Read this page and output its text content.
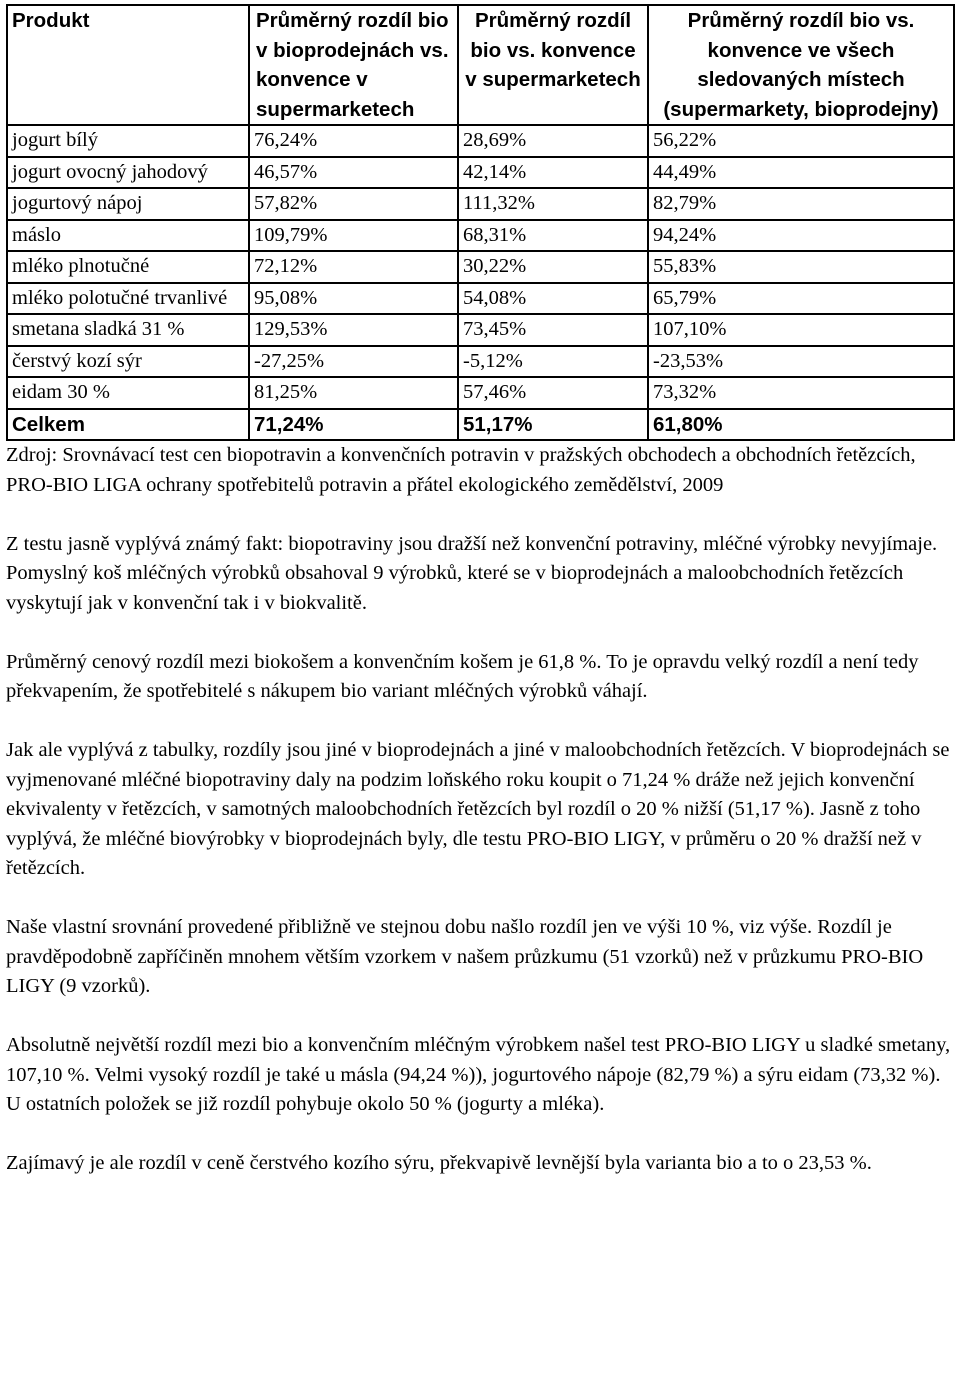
Produkt	Průměrný rozdíl bio v bioprodejnách vs. konvence v supermarketech	Průměrný rozdíl bio vs. konvence v supermarketech	Průměrný rozdíl bio vs. konvence ve všech sledovaných místech (supermarkety, bioprodejny)
jogurt bílý	76,24%	28,69%	56,22%
jogurt ovocný jahodový	46,57%	42,14%	44,49%
jogurtový nápoj	57,82%	111,32%	82,79%
máslo	109,79%	68,31%	94,24%
mléko plnotučné	72,12%	30,22%	55,83%
mléko polotučné trvanlivé	95,08%	54,08%	65,79%
smetana sladká 31 %	129,53%	73,45%	107,10%
čerstvý kozí sýr	-27,25%	-5,12%	-23,53%
eidam 30 %	81,25%	57,46%	73,32%
Celkem	71,24%	51,17%	61,80%

Zdroj: Srovnávací test cen biopotravin a konvenčních potravin v pražských obchodech a obchodních řetězcích, PRO-BIO LIGA ochrany spotřebitelů potravin a přátel ekologického zemědělství, 2009

Z testu jasně vyplývá známý fakt: biopotraviny jsou dražší než konvenční potraviny, mléčné výrobky nevyjímaje. Pomyslný koš mléčných výrobků obsahoval 9 výrobků, které se v bioprodejnách a maloobchodních řetězcích vyskytují jak v konvenční tak i v biokvalitě.

Průměrný cenový rozdíl mezi biokošem a konvenčním košem je 61,8 %. To je opravdu velký rozdíl a není tedy překvapením, že spotřebitelé s nákupem bio variant mléčných výrobků váhají.

Jak ale vyplývá z tabulky, rozdíly jsou jiné v bioprodejnách a jiné v maloobchodních řetězcích. V bioprodejnách se vyjmenované mléčné biopotraviny daly na podzim loňského roku koupit o 71,24 % dráže než jejich konvenční ekvivalenty v řetězcích, v samotných maloobchodních řetězcích byl rozdíl o 20 % nižší (51,17 %). Jasně z toho vyplývá, že mléčné biovýrobky v bioprodejnách byly, dle testu PRO-BIO LIGY, v průměru o 20 % dražší než v řetězcích.

Naše vlastní srovnání provedené přibližně ve stejnou dobu našlo rozdíl jen ve výši 10 %, viz výše. Rozdíl je pravděpodobně zapříčiněn mnohem větším vzorkem v našem průzkumu (51 vzorků) než v průzkumu PRO-BIO LIGY (9 vzorků).

Absolutně největší rozdíl mezi bio a konvenčním mléčným výrobkem našel test PRO-BIO LIGY u sladké smetany, 107,10 %. Velmi vysoký rozdíl je také u másla (94,24 %)), jogurtového nápoje (82,79 %) a sýru eidam (73,32 %). U ostatních položek se již rozdíl pohybuje okolo 50 % (jogurty a mléka).

Zajímavý je ale rozdíl v ceně čerstvého kozího sýru, překvapivě levnější byla varianta bio a to o 23,53 %.
